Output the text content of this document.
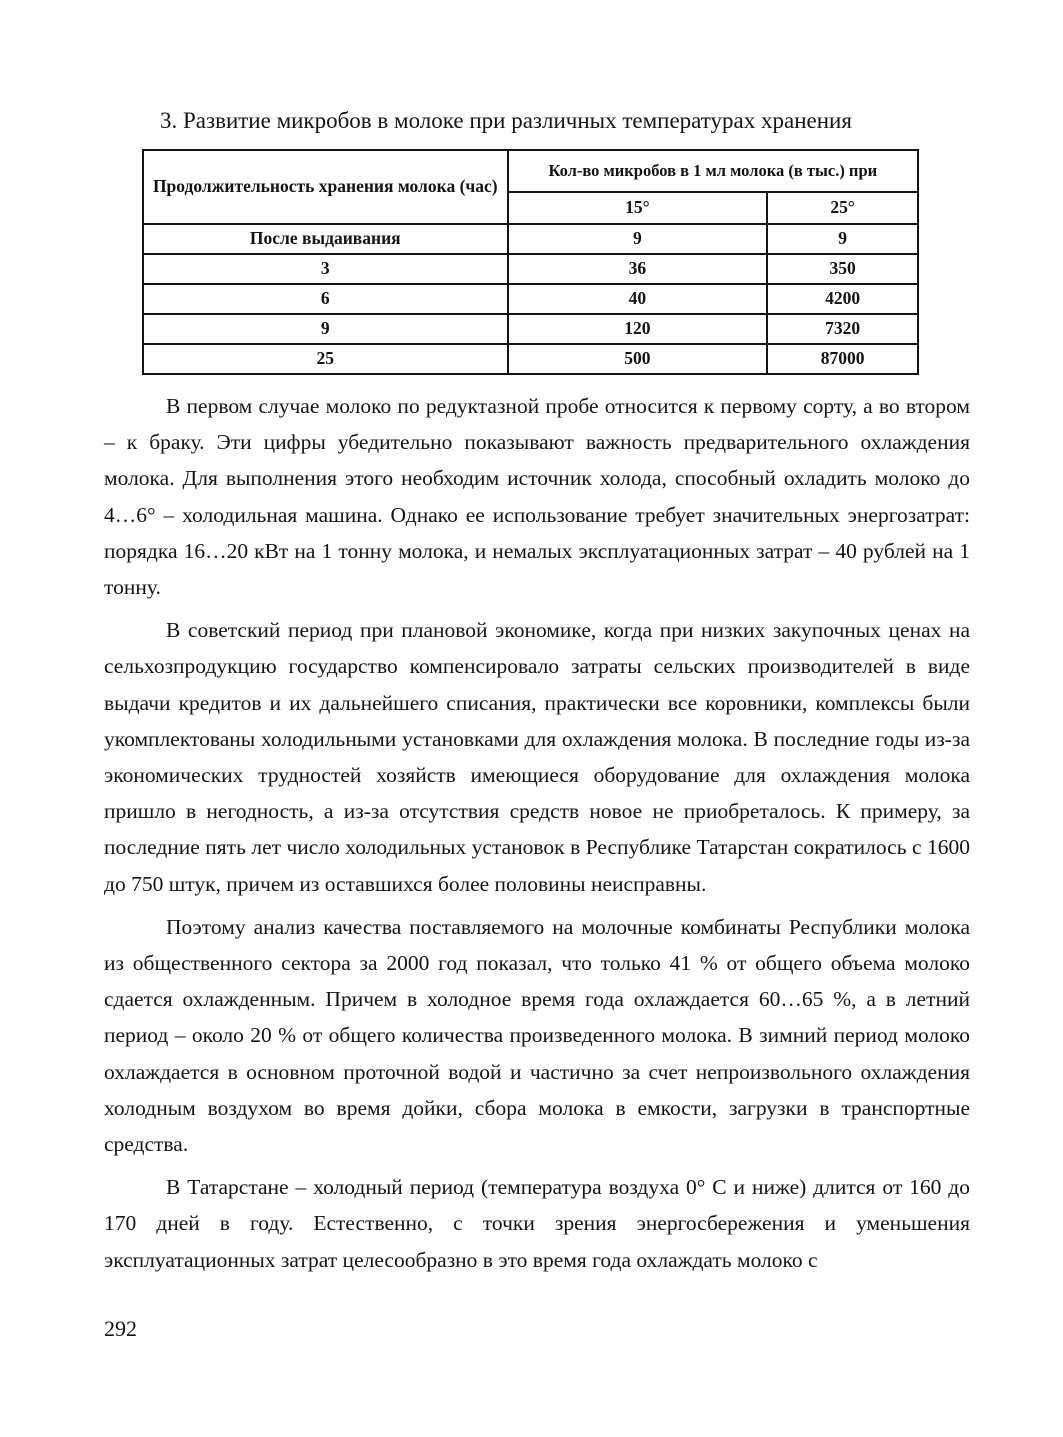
3. Развитие микробов в молоке при различных температурах хранения
Продолжительность хранения молока (час)	Кол-во микробов в 1 мл молока (в тыс.) при	
	15°	25°
После выдаивания	9	9
3	36	350
6	40	4200
9	120	7320
25	500	87000

В первом случае молоко по редуктазной пробе относится к первому сорту, а во втором – к браку. Эти цифры убедительно показывают важность предварительного охлаждения молока. Для выполнения этого необходим источник холода, способный охладить молоко до 4…6° – холодильная машина. Однако ее использование требует значительных энергозатрат: порядка 16…20 кВт на 1 тонну молока, и немалых эксплуатационных затрат – 40 рублей на 1 тонну.

В советский период при плановой экономике, когда при низких закупочных ценах на сельхозпродукцию государство компенсировало затраты сельских производителей в виде выдачи кредитов и их дальнейшего списания, практически все коровники, комплексы были укомплектованы холодильными установками для охлаждения молока. В последние годы из-за экономических трудностей хозяйств имеющиеся оборудование для охлаждения молока пришло в негодность, а из-за отсутствия средств новое не приобреталось. К примеру, за последние пять лет число холодильных установок в Республике Татарстан сократилось с 1600 до 750 штук, причем из оставшихся более половины неисправны.

Поэтому анализ качества поставляемого на молочные комбинаты Республики молока из общественного сектора за 2000 год показал, что только 41 % от общего объема молоко сдается охлажденным. Причем в холодное время года охлаждается 60…65 %, а в летний период – около 20 % от общего количества произведенного молока. В зимний период молоко охлаждается в основном проточной водой и частично за счет непроизвольного охлаждения холодным воздухом во время дойки, сбора молока в емкости, загрузки в транспортные средства.

В Татарстане – холодный период (температура воздуха 0° С и ниже) длится от 160 до 170 дней в году. Естественно, с точки зрения энергосбережения и уменьшения эксплуатационных затрат целесообразно в это время года охлаждать молоко с

292
